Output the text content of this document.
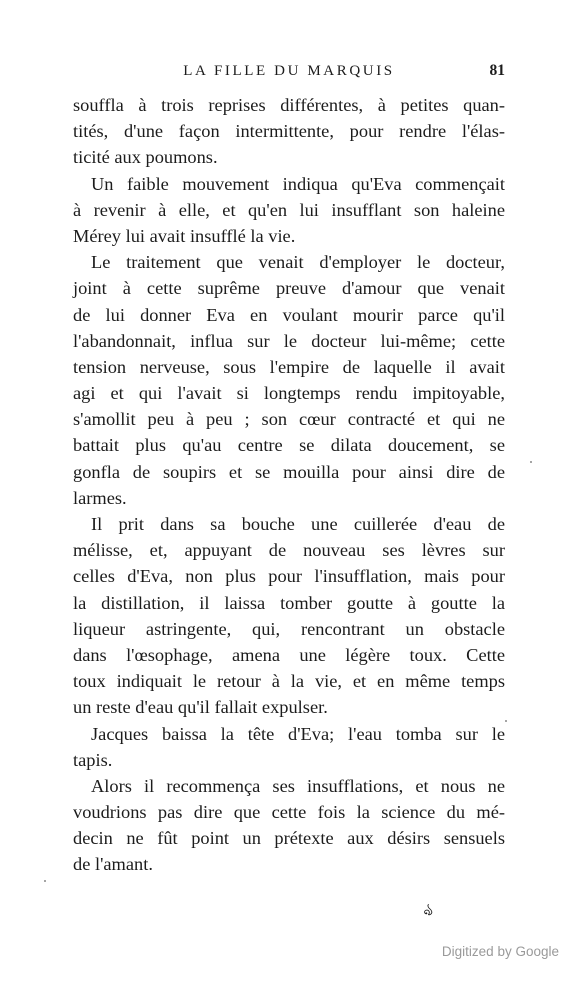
LA FILLE DU MARQUIS	81
souffla à trois reprises différentes, à petites quan-
tités, d'une façon intermittente, pour rendre l'élas-
ticité aux poumons.
Un faible mouvement indiqua qu'Eva commençait
à revenir à elle, et qu'en lui insufflant son haleine
Mérey lui avait insufflé la vie.
Le traitement que venait d'employer le docteur,
joint à cette suprême preuve d'amour que venait
de lui donner Eva en voulant mourir parce qu'il
l'abandonnait, influa sur le docteur lui-même; cette
tension nerveuse, sous l'empire de laquelle il avait
agi et qui l'avait si longtemps rendu impitoyable,
s'amollit peu à peu ; son cœur contracté et qui ne
battait plus qu'au centre se dilata doucement, se
gonfla de soupirs et se mouilla pour ainsi dire de
larmes.
Il prit dans sa bouche une cuillerée d'eau de
mélisse, et, appuyant de nouveau ses lèvres sur
celles d'Eva, non plus pour l'insufflation, mais pour
la distillation, il laissa tomber goutte à goutte la
liqueur astringente, qui, rencontrant un obstacle
dans l'œsophage, amena une légère toux. Cette
toux indiquait le retour à la vie, et en même temps
un reste d'eau qu'il fallait expulser.
Jacques baissa la tête d'Eva; l'eau tomba sur le
tapis.
Alors il recommença ses insufflations, et nous ne
voudrions pas dire que cette fois la science du mé-
decin ne fût point un prétexte aux désirs sensuels
de l'amant.
ঌ
Digitized by Google
